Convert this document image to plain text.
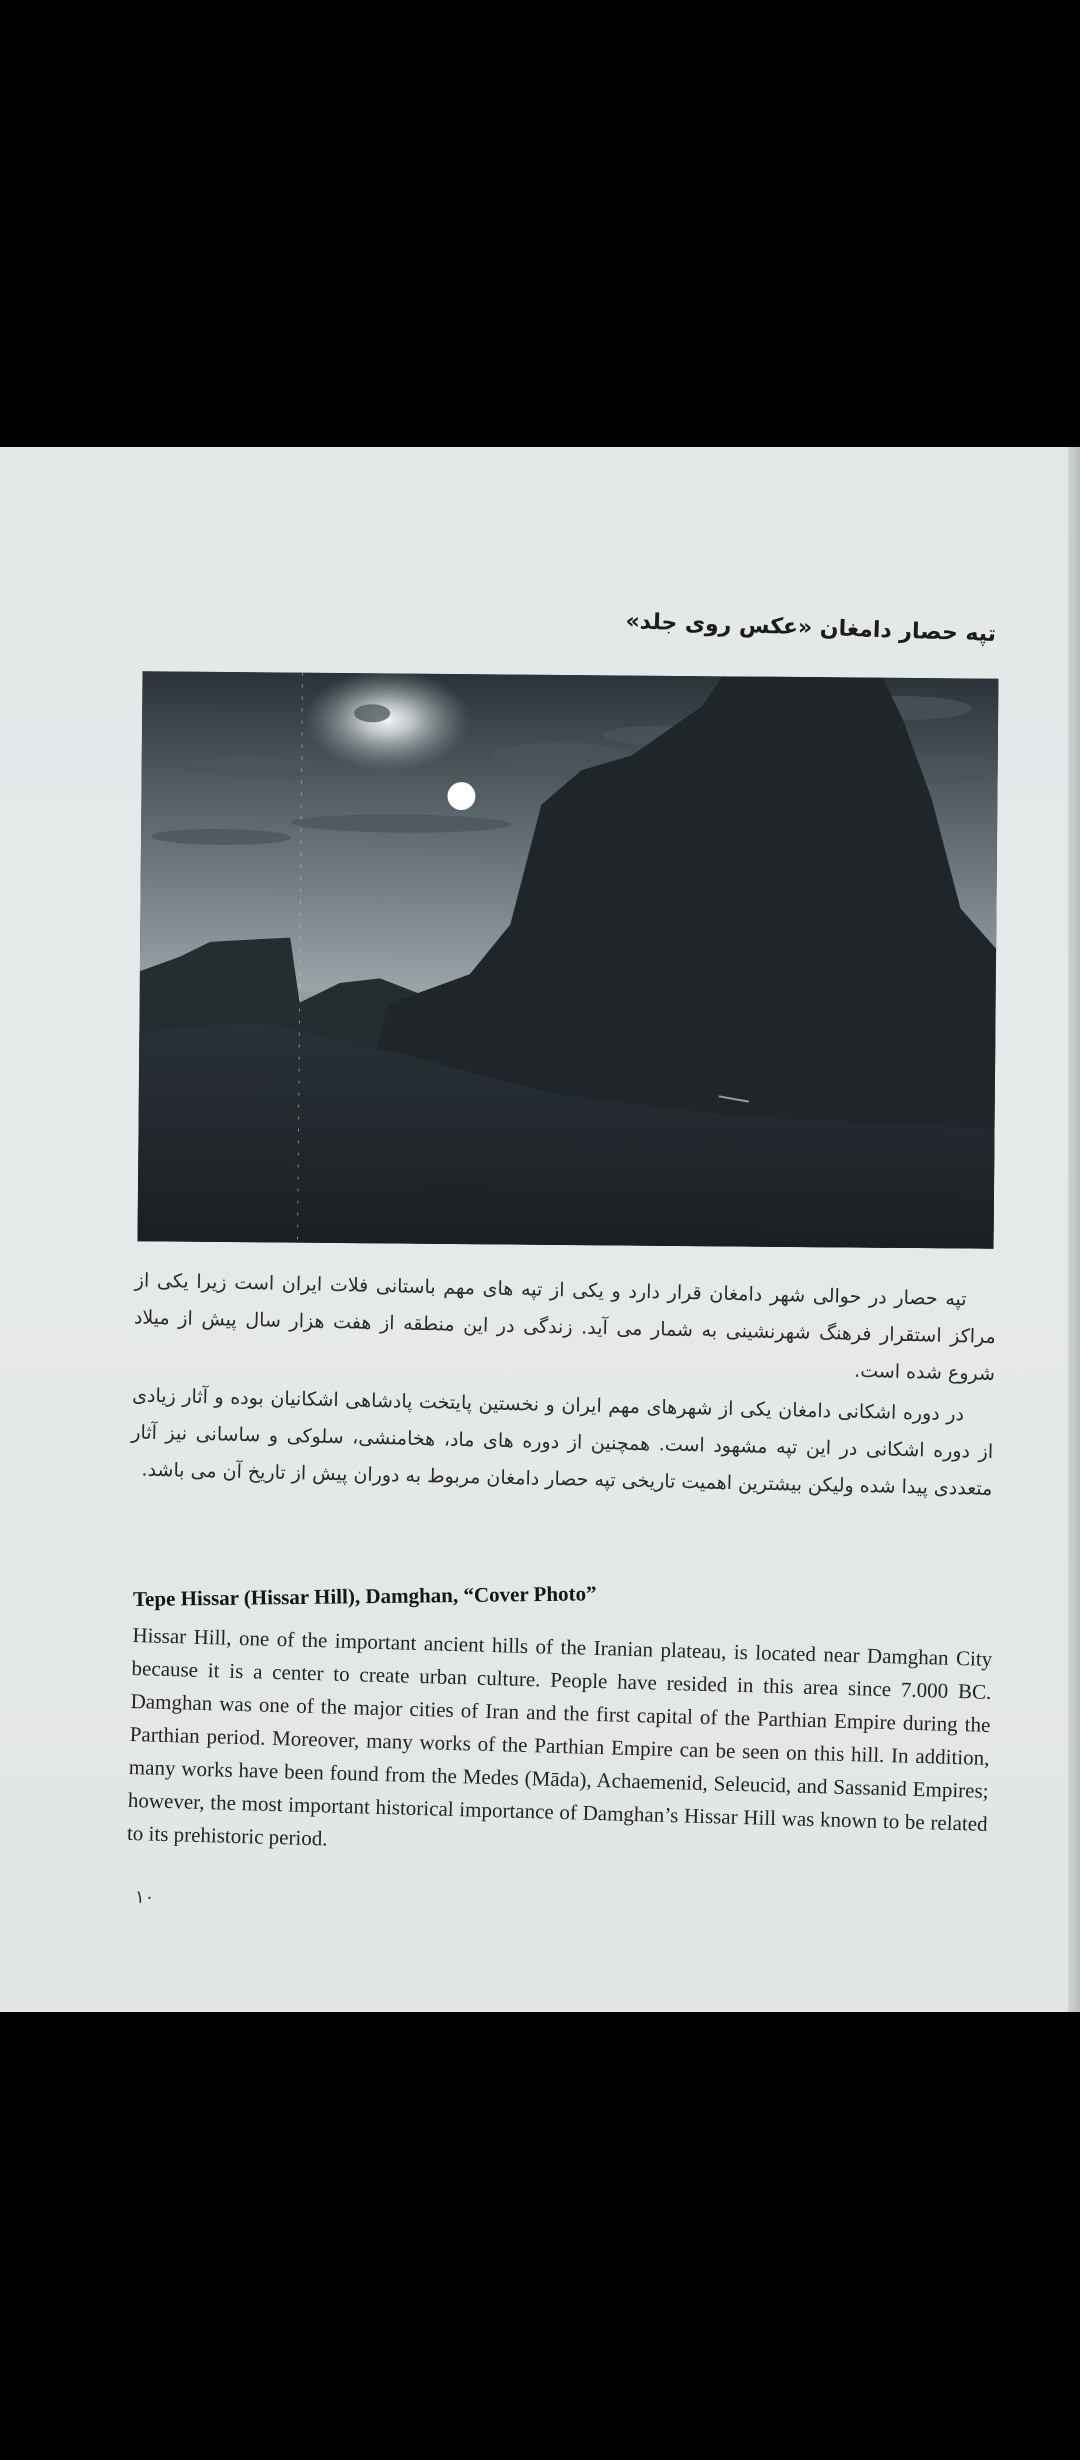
تپه حصار دامغان «عکس روی جلد»

تپه حصار در حوالی شهر دامغان قرار دارد و یکی از تپه های مهم باستانی فلات ایران است زیرا یکی از مراکز استقرار فرهنگ شهرنشینی به شمار می آید. زندگی در این منطقه از هفت هزار سال پیش از میلاد شروع شده است.

در دوره اشکانی دامغان یکی از شهرهای مهم ایران و نخستین پایتخت پادشاهی اشکانیان بوده و آثار زیادی از دوره اشکانی در این تپه مشهود است. همچنین از دوره های ماد، هخامنشی، سلوکی و ساسانی نیز آثار متعددی پیدا شده ولیکن بیشترین اهمیت تاریخی تپه حصار دامغان مربوط به دوران پیش از تاریخ آن می باشد.

Tepe Hissar (Hissar Hill), Damghan, “Cover Photo”

Hissar Hill, one of the important ancient hills of the Iranian plateau, is located near Damghan City because it is a center to create urban culture. People have resided in this area since 7.000 BC. Damghan was one of the major cities of Iran and the first capital of the Parthian Empire during the Parthian period. Moreover, many works of the Parthian Empire can be seen on this hill. In addition, many works have been found from the Medes (Māda), Achaemenid, Seleucid, and Sassanid Empires; however, the most important historical importance of Damghan’s Hissar Hill was known to be related to its prehistoric period.

۱۰
